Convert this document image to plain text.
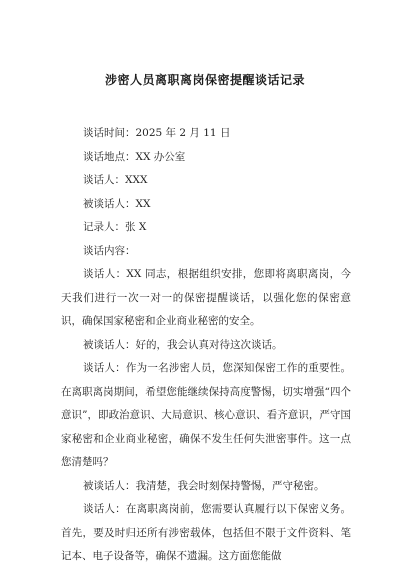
涉密人员离职离岗保密提醒谈话记录
谈话时间：2025 年 2 月 11 日
谈话地点：XX 办公室
谈话人：XXX
被谈话人：XX
记录人：张 X
谈话内容：

谈话人：XX 同志，根据组织安排，您即将离职离岗，今天我们进行一次一对一的保密提醒谈话，以强化您的保密意识，确保国家秘密和企业商业秘密的安全。

被谈话人：好的，我会认真对待这次谈话。

谈话人：作为一名涉密人员，您深知保密工作的重要性。在离职离岗期间，希望您能继续保持高度警惕，切实增强“四个意识”，即政治意识、大局意识、核心意识、看齐意识，严守国家秘密和企业商业秘密，确保不发生任何失泄密事件。这一点您清楚吗？

被谈话人：我清楚，我会时刻保持警惕，严守秘密。

谈话人：在离职离岗前，您需要认真履行以下保密义务。首先，要及时归还所有涉密载体，包括但不限于文件资料、笔记本、电子设备等，确保不遗漏。这方面您能做
